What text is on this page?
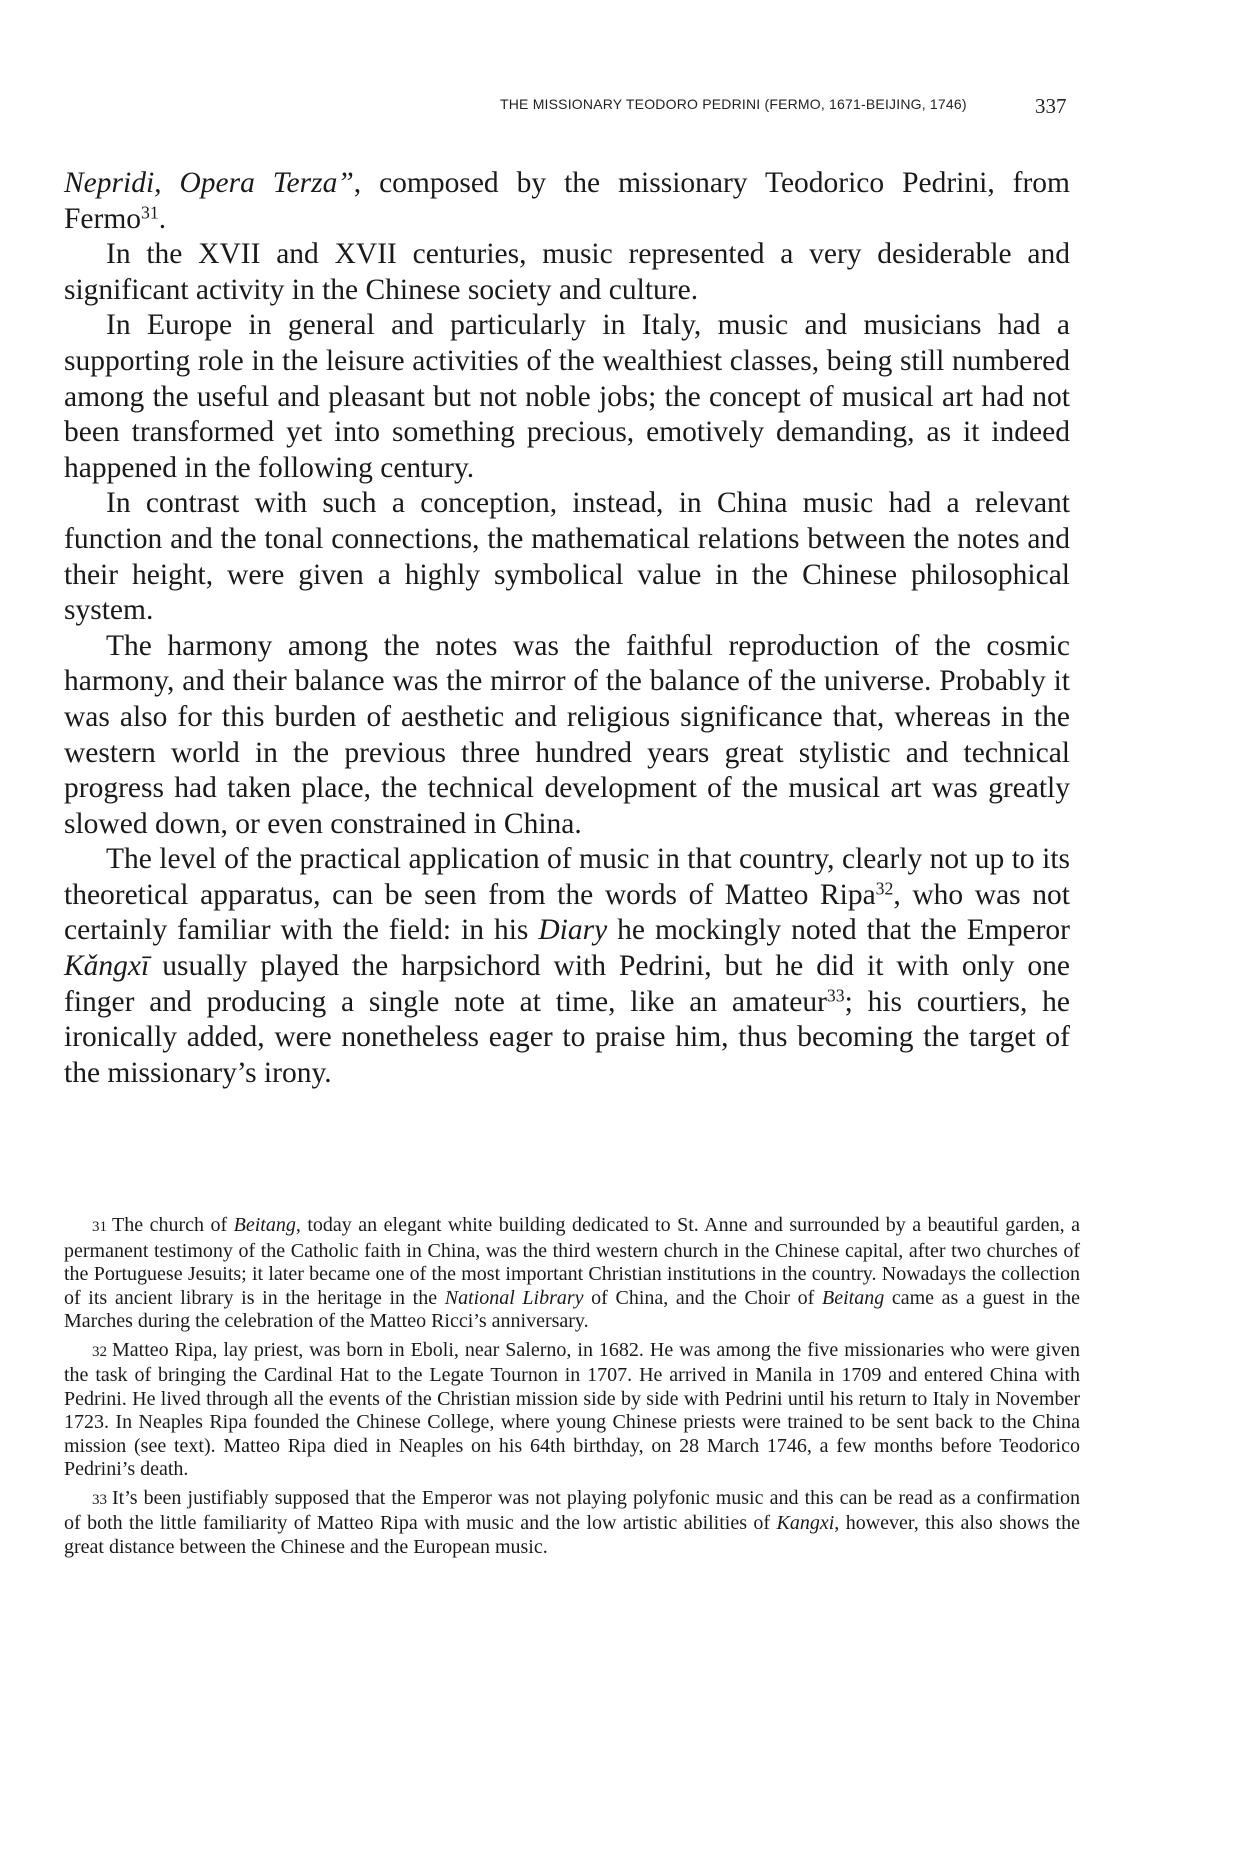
THE MISSIONARY TEODORO PEDRINI (FERMO, 1671-BEIJING, 1746)	337

Nepridi, Opera Terza”, composed by the missionary Teodorico Pedrini, from Fermo$^{31}$.

In the XVII and XVII centuries, music represented a very desiderable and significant activity in the Chinese society and culture.

In Europe in general and particularly in Italy, music and musicians had a supporting role in the leisure activities of the wealthiest classes, being still numbered among the useful and pleasant but not noble jobs; the concept of musical art had not been transformed yet into something precious, emotively demanding, as it indeed happened in the following century.

In contrast with such a conception, instead, in China music had a relevant function and the tonal connections, the mathematical relations between the notes and their height, were given a highly symbolical value in the Chinese philosophical system.

The harmony among the notes was the faithful reproduction of the cosmic harmony, and their balance was the mirror of the balance of the universe. Probably it was also for this burden of aesthetic and religious significance that, whereas in the western world in the previous three hundred years great stylistic and technical progress had taken place, the technical development of the musical art was greatly slowed down, or even constrained in China.

The level of the practical application of music in that country, clearly not up to its theoretical apparatus, can be seen from the words of Matteo Ripa$^{32}$, who was not certainly familiar with the field: in his Diary he mockingly noted that the Emperor Kǎngxī usually played the harpsichord with Pedrini, but he did it with only one finger and producing a single note at time, like an amateur$^{33}$; his courtiers, he ironically added, were nonetheless eager to praise him, thus becoming the target of the missionary’s irony.

31 The church of Beitang, today an elegant white building dedicated to St. Anne and surrounded by a beautiful garden, a permanent testimony of the Catholic faith in China, was the third western church in the Chinese capital, after two churches of the Portuguese Jesuits; it later became one of the most important Christian institutions in the country. Nowadays the collection of its ancient library is in the heritage in the National Library of China, and the Choir of Beitang came as a guest in the Marches during the celebration of the Matteo Ricci’s anniversary.

32 Matteo Ripa, lay priest, was born in Eboli, near Salerno, in 1682. He was among the five missionaries who were given the task of bringing the Cardinal Hat to the Legate Tournon in 1707. He arrived in Manila in 1709 and entered China with Pedrini. He lived through all the events of the Christian mission side by side with Pedrini until his return to Italy in November 1723. In Neaples Ripa founded the Chinese College, where young Chinese priests were trained to be sent back to the China mission (see text). Matteo Ripa died in Neaples on his 64th birthday, on 28 March 1746, a few months before Teodorico Pedrini’s death.

33 It’s been justifiably supposed that the Emperor was not playing polyfonic music and this can be read as a confirmation of both the little familiarity of Matteo Ripa with music and the low artistic abilities of Kangxi, however, this also shows the great distance between the Chinese and the European music.
